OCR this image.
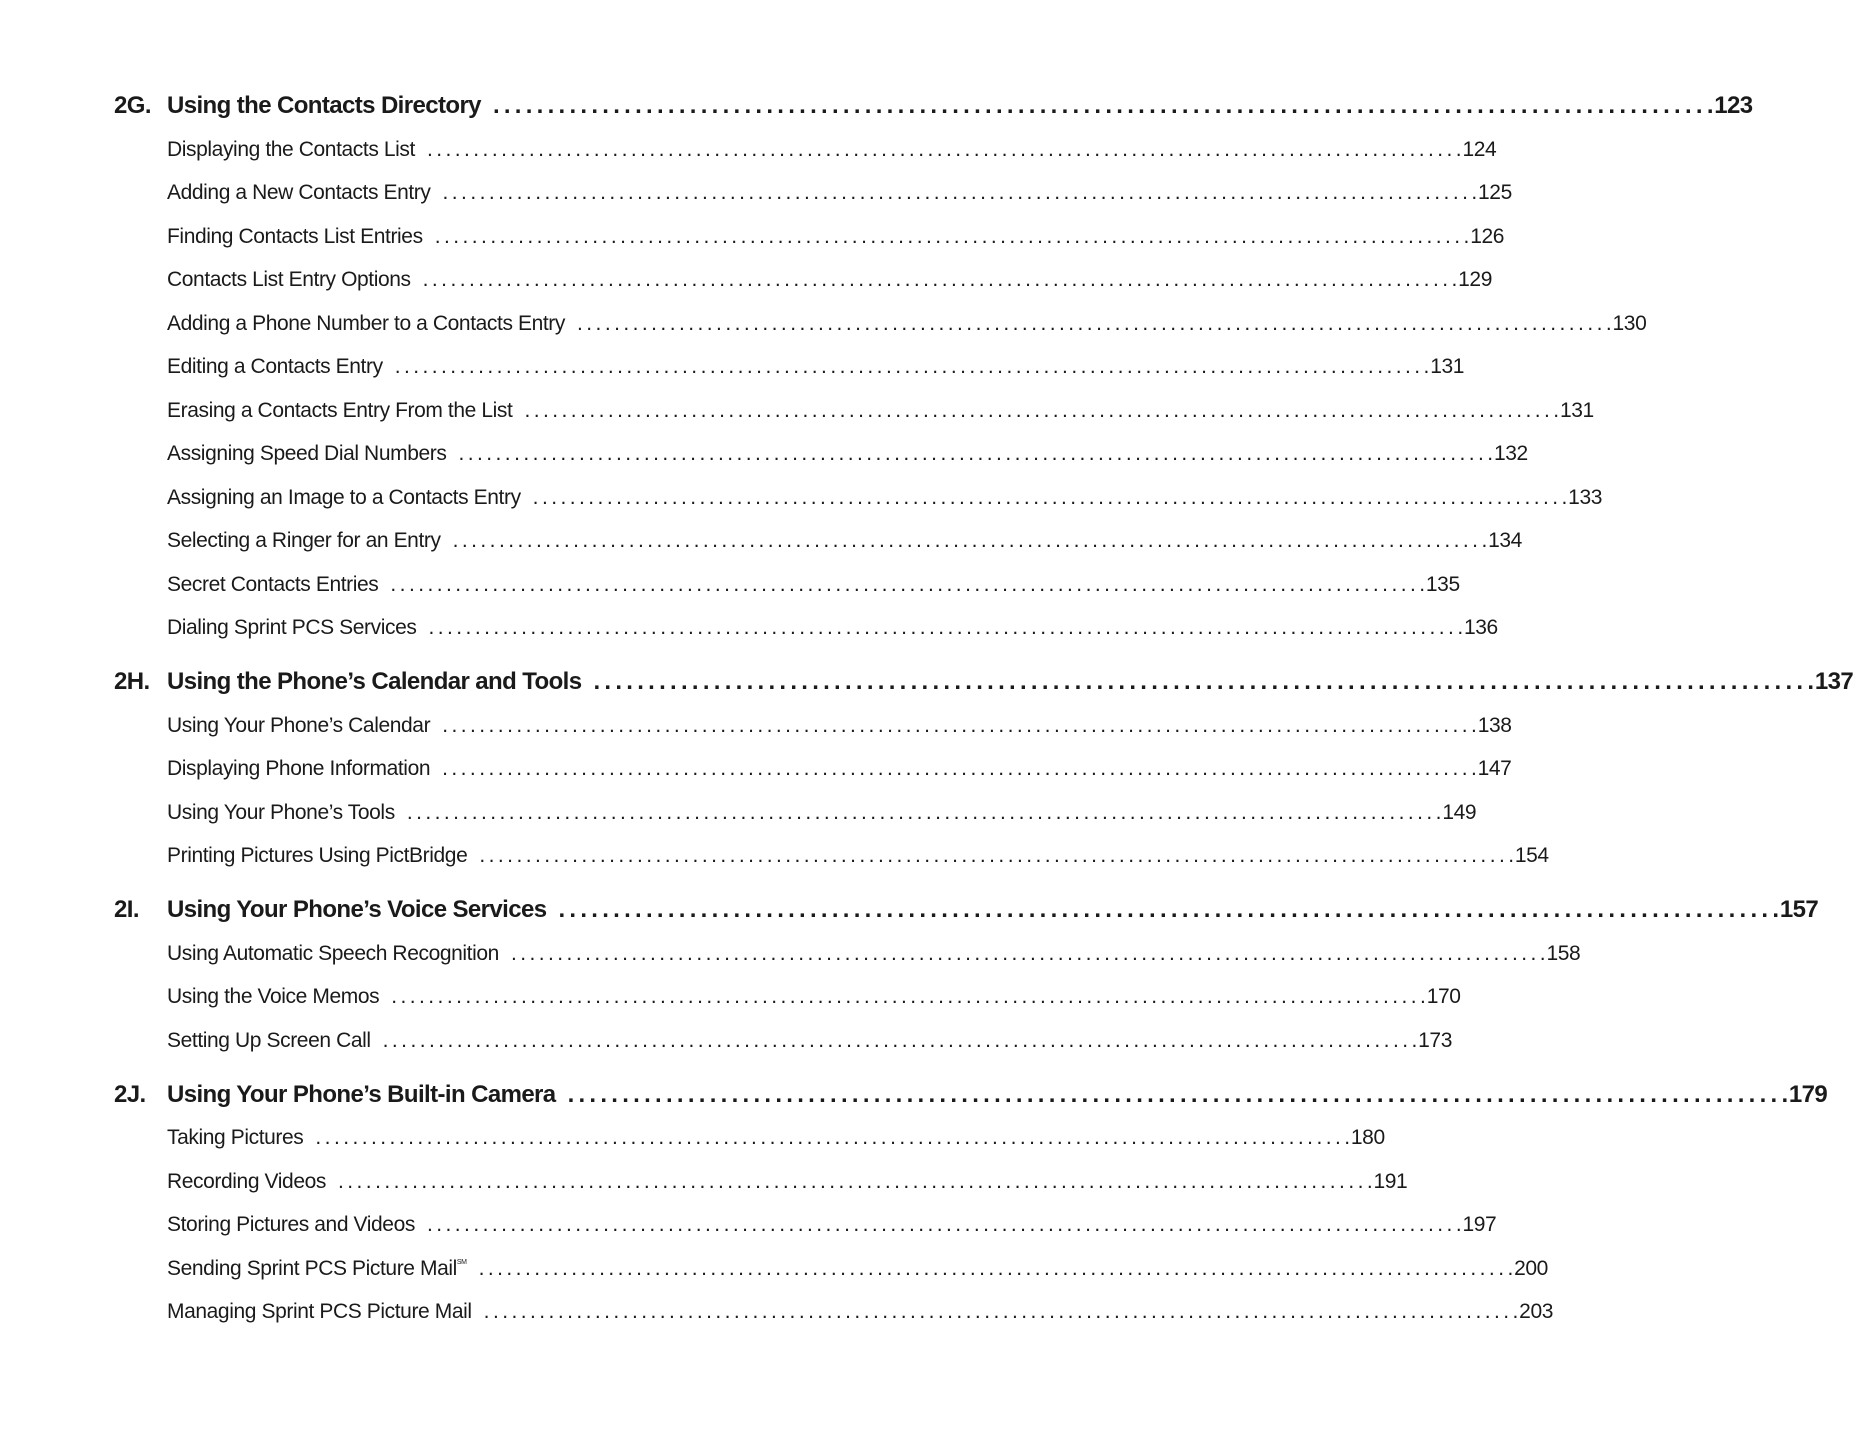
2G. Using the Contacts Directory . . .	123
Displaying the Contacts List . . .	124
Adding a New Contacts Entry . . .	125
Finding Contacts List Entries . . .	126
Contacts List Entry Options . . .	129
Adding a Phone Number to a Contacts Entry . . .	130
Editing a Contacts Entry . . .	131
Erasing a Contacts Entry From the List . . .	131
Assigning Speed Dial Numbers . . .	132
Assigning an Image to a Contacts Entry . . .	133
Selecting a Ringer for an Entry . . .	134
Secret Contacts Entries . . .	135
Dialing Sprint PCS Services . . .	136
2H. Using the Phone’s Calendar and Tools . . .	137
Using Your Phone’s Calendar . . .	138
Displaying Phone Information . . .	147
Using Your Phone’s Tools . . .	149
Printing Pictures Using PictBridge . . .	154
2I.	Using Your Phone’s Voice Services . . .	157
Using Automatic Speech Recognition . . .	158
Using the Voice Memos . . .	170
Setting Up Screen Call . . .	173
2J. Using Your Phone’s Built-in Camera . . .	179
Taking Pictures . . .	180
Recording Videos . . .	191
Storing Pictures and Videos . . .	197
Sending Sprint PCS Picture Mail℠ . . .	200
Managing Sprint PCS Picture Mail . . .	203
